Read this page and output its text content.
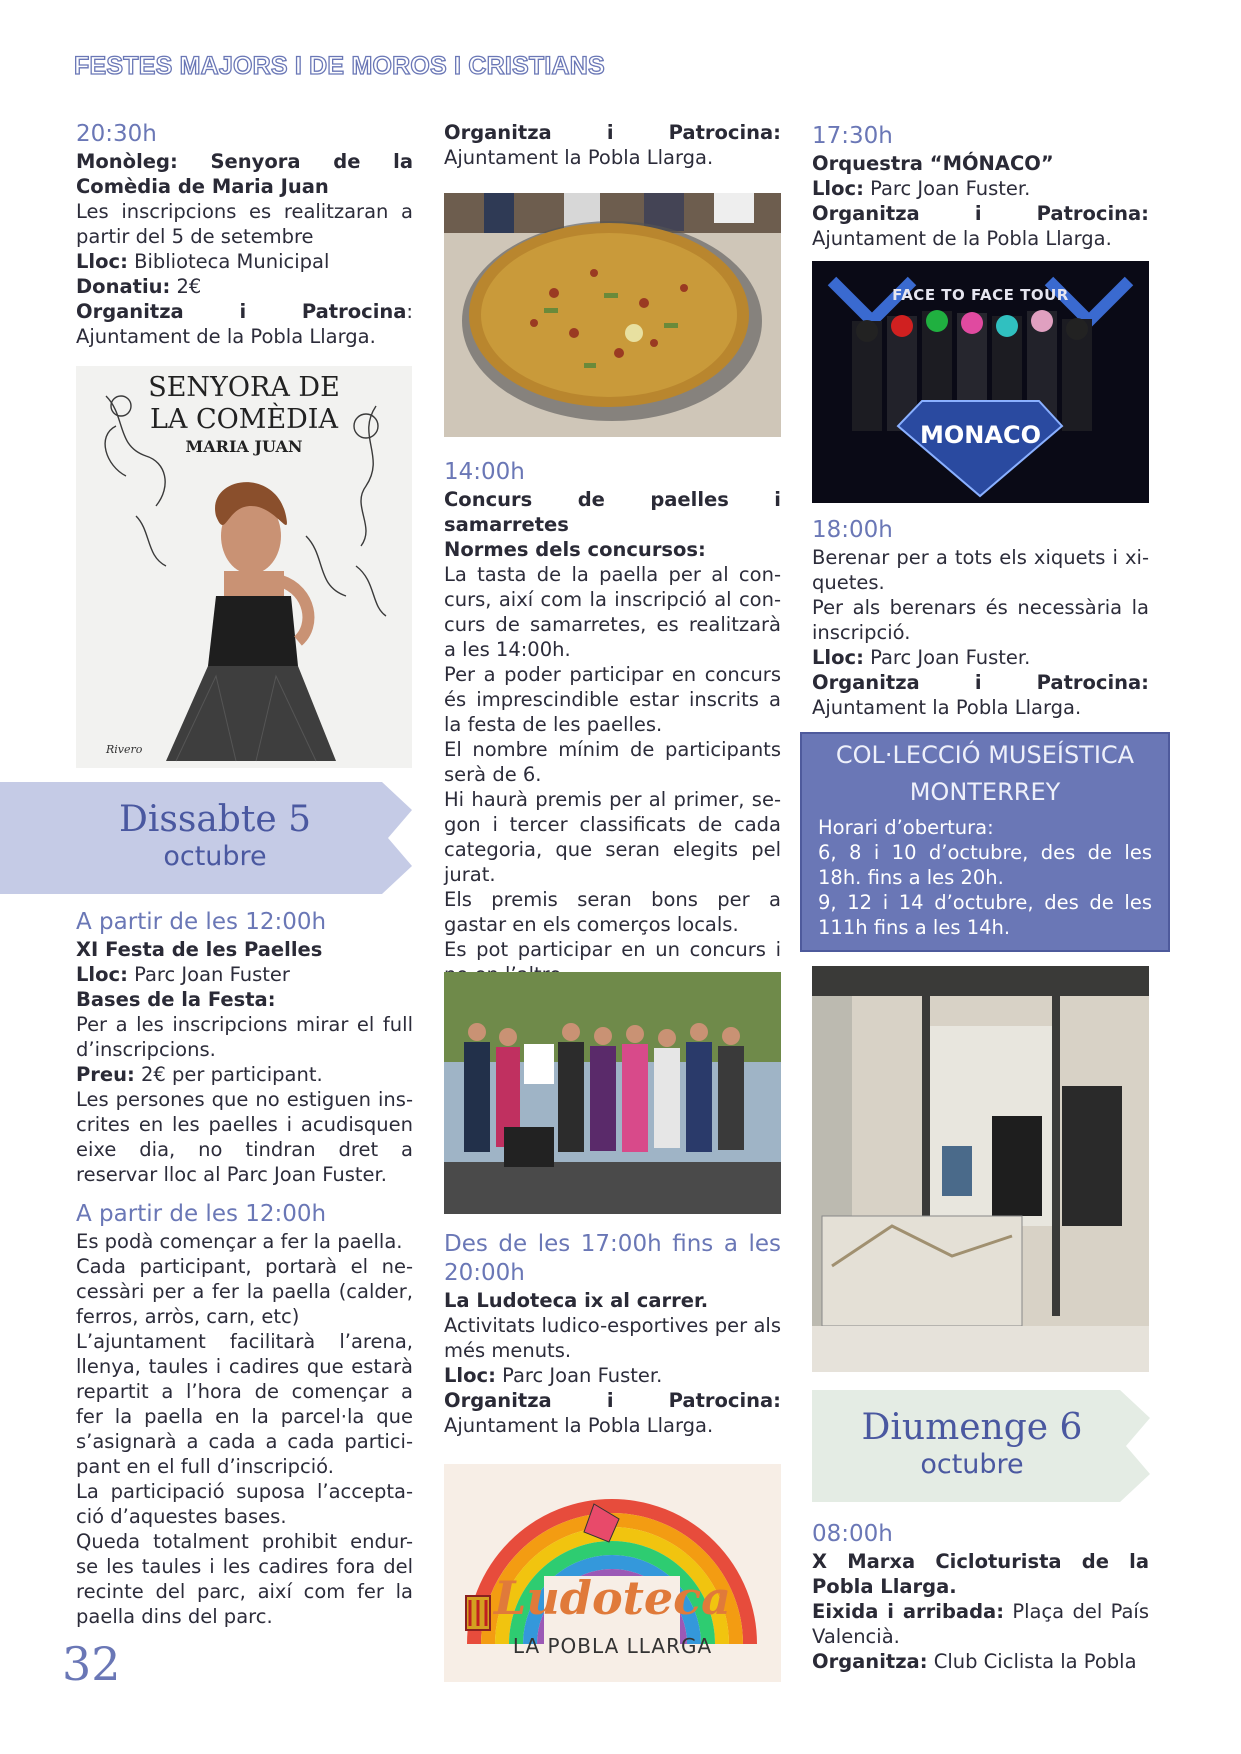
FESTES MAJORS I DE MOROS I CRISTIANS

20:30h

Monòleg: Senyora de la Comèdia de Maria Juan

Les inscripcions es realitzaran a partir del 5 de setembre

Lloc: Biblioteca Municipal

Donatiu: 2€

Organitza i Patrocina: Ajuntament de la Pobla Llarga.

SENYORA DE
LA COMÈDIA
MARIA JUAN
Rivero
Dissabte 5
octubre

A partir de les 12:00h

XI Festa de les Paelles

Lloc: Parc Joan Fuster

Bases de la Festa:

Per a les inscripcions mirar el full d’inscripcions.

Preu: 2€ per participant.

Les persones que no estiguen inscrites en les paelles i acudisquen eixe dia, no tindran dret a reservar lloc al Parc Joan Fuster.

A partir de les 12:00h

Es podà començar a fer la paella.

Cada participant, portarà el necessàri per a fer la paella (calder, ferros, arròs, carn, etc)

L’ajuntament facilitarà l’arena, llenya, taules i cadires que estarà repartit a l’hora de començar a fer la paella en la parcel·la que s’asignarà a cada a cada participant en el full d’inscripció.

La participació suposa l’acceptació d’aquestes bases.

Queda totalment prohibit endur-se les taules i les cadires fora del recinte del parc, així com fer la paella dins del parc.

32

Organitza i Patrocina: Ajuntament la Pobla Llarga.

14:00h

Concurs de paelles i samarretes

Normes dels concursos:

La tasta de la paella per al concurs, així com la inscripció al concurs de samarretes, es realitzarà a les 14:00h.

Per a poder participar en concurs és imprescindible estar inscrits a la festa de les paelles.

El nombre mínim de participants serà de 6.

Hi haurà premis per al primer, segon i tercer classificats de cada categoria, que seran elegits pel jurat.

Els premis seran bons per a gastar en els comerços locals.

Es pot participar en un concurs i

Des de les 17:00h fins a les 20:00h

La Ludoteca ix al carrer.

Activitats ludico-esportives per als més menuts.

Lloc: Parc Joan Fuster.

Organitza i Patrocina: Ajuntament la Pobla Llarga.

Ludoteca
LA POBLA LLARGA

17:30h

Orquestra “MÓNACO”

Lloc: Parc Joan Fuster.

Organitza i Patrocina: Ajuntament de la Pobla Llarga.

FACE TO FACE TOUR
MONACO

18:00h

Berenar per a tots els xiquets i xiquetes.

Per als berenars és necessària la inscripció.

Lloc: Parc Joan Fuster.

Organitza i Patrocina: Ajuntament la Pobla Llarga.

COL·LECCIÓ MUSEÍSTICA
MONTERREY

Horari d’obertura:

6, 8 i 10 d’octubre, des de les 18h. fins a les 20h.

9, 12 i 14 d’octubre, des de les 111h fins a les 14h.

Diumenge 6
octubre

08:00h

X Marxa Cicloturista de la Pobla Llarga.

Eixida i arribada: Plaça del País Valencià.

Organitza: Club Ciclista la Pobla
